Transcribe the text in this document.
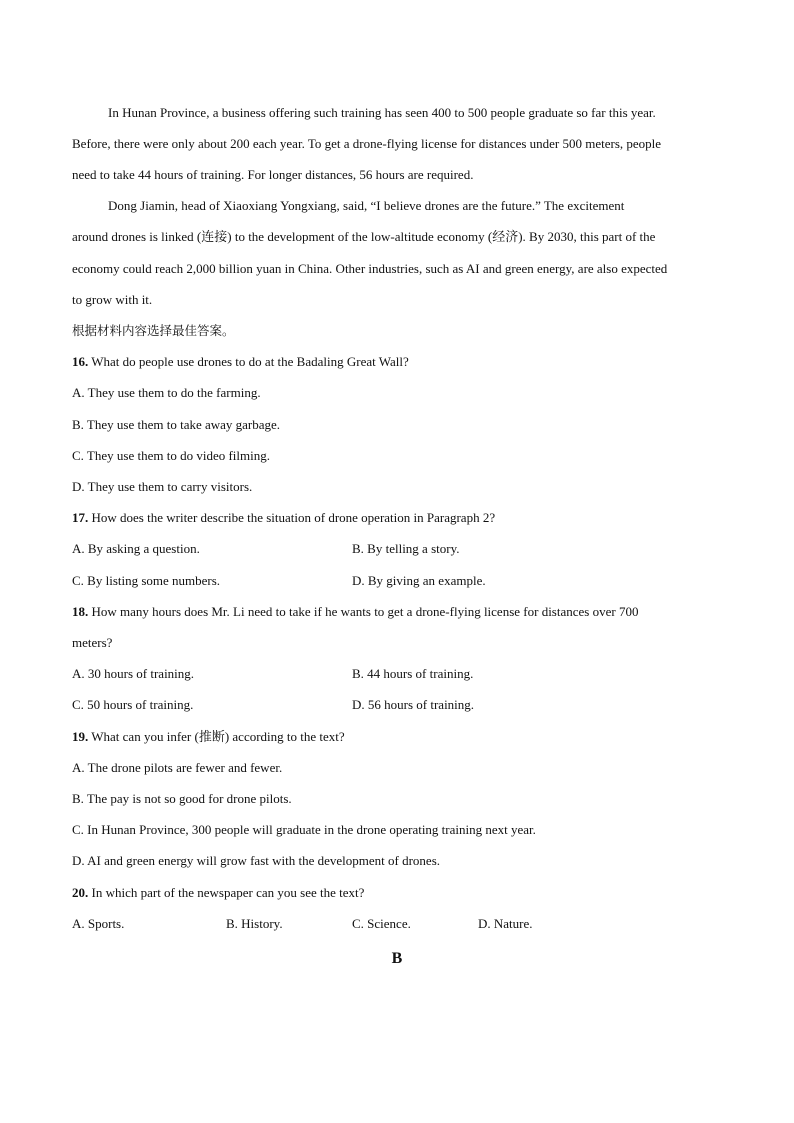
In Hunan Province, a business offering such training has seen 400 to 500 people graduate so far this year.
Before, there were only about 200 each year. To get a drone-flying license for distances under 500 meters, people
need to take 44 hours of training. For longer distances, 56 hours are required.
Dong Jiamin, head of Xiaoxiang Yongxiang, said, “I believe drones are the future.” The excitement
around drones is linked (连接) to the development of the low-altitude economy (经济). By 2030, this part of the
economy could reach 2,000 billion yuan in China. Other industries, such as AI and green energy, are also expected
to grow with it.
根据材料内容选择最佳答案。
16. What do people use drones to do at the Badaling Great Wall?
A. They use them to do the farming.
B. They use them to take away garbage.
C. They use them to do video filming.
D. They use them to carry visitors.
17. How does the writer describe the situation of drone operation in Paragraph 2?
A. By asking a question.	B. By telling a story.
C. By listing some numbers.	D. By giving an example.
18. How many hours does Mr. Li need to take if he wants to get a drone-flying license for distances over 700
meters?
A. 30 hours of training.	B. 44 hours of training.
C. 50 hours of training.	D. 56 hours of training.
19. What can you infer (推断) according to the text?
A. The drone pilots are fewer and fewer.
B. The pay is not so good for drone pilots.
C. In Hunan Province, 300 people will graduate in the drone operating training next year.
D. AI and green energy will grow fast with the development of drones.
20. In which part of the newspaper can you see the text?
A. Sports.	B. History.	C. Science.	D. Nature.
B
